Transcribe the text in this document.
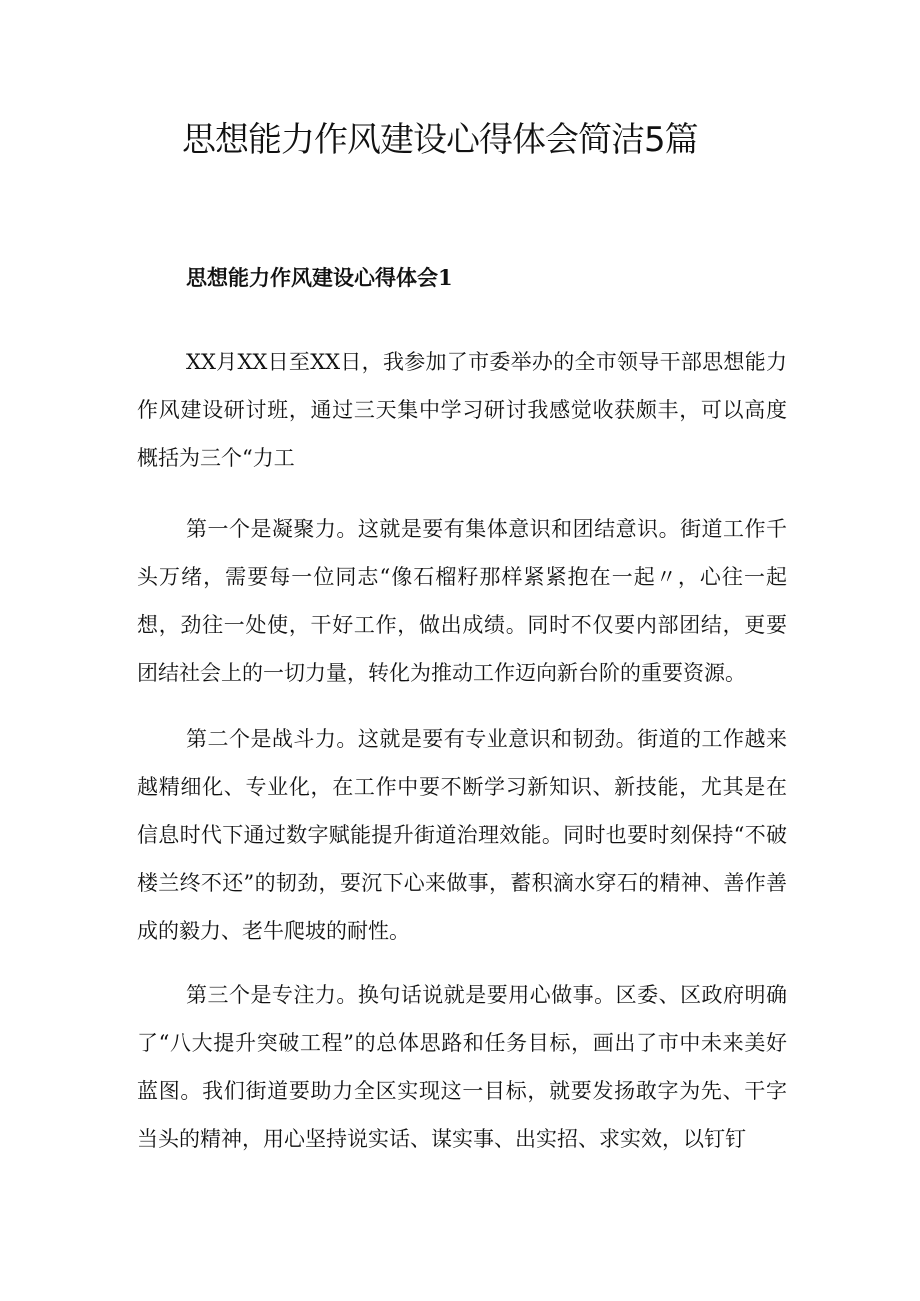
思想能力作风建设心得体会简洁5篇
思想能力作风建设心得体会1

XX月XX日至XX日，我参加了市委举办的全市领导干部思想能力作风建设研讨班，通过三天集中学习研讨我感觉收获颇丰，可以高度概括为三个“力工

第一个是凝聚力。这就是要有集体意识和团结意识。街道工作千头万绪，需要每一位同志“像石榴籽那样紧紧抱在一起〃，心往一起想，劲往一处使，干好工作，做出成绩。同时不仅要内部团结，更要团结社会上的一切力量，转化为推动工作迈向新台阶的重要资源。

第二个是战斗力。这就是要有专业意识和韧劲。街道的工作越来越精细化、专业化，在工作中要不断学习新知识、新技能，尤其是在信息时代下通过数字赋能提升街道治理效能。同时也要时刻保持“不破楼兰终不还”的韧劲，要沉下心来做事，蓄积滴水穿石的精神、善作善成的毅力、老牛爬坡的耐性。

第三个是专注力。换句话说就是要用心做事。区委、区政府明确了“八大提升突破工程”的总体思路和任务目标，画出了市中未来美好蓝图。我们街道要助力全区实现这一目标，就要发扬敢字为先、干字当头的精神，用心坚持说实话、谋实事、出实招、求实效，以钉钉
